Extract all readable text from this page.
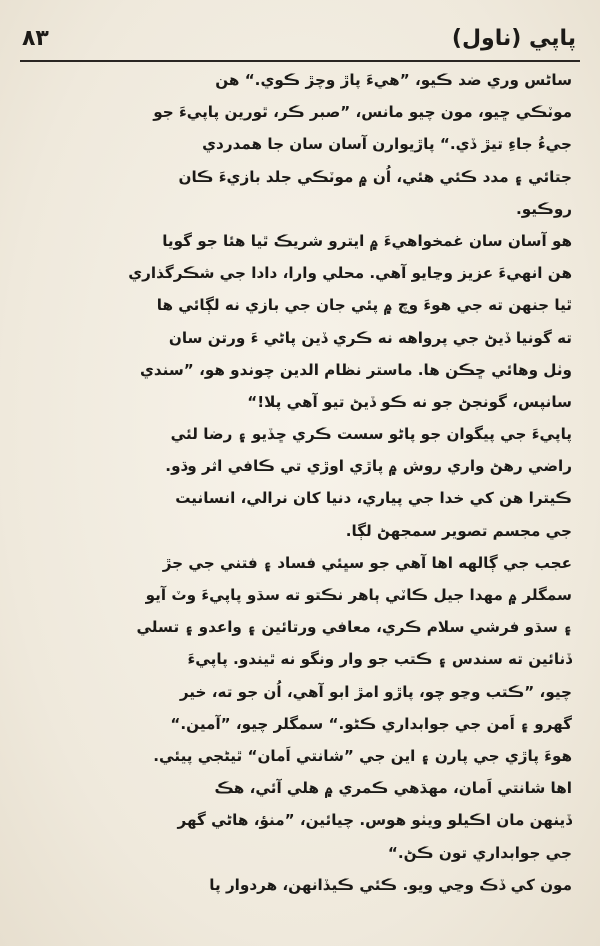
٨٣	پاپي (ناول)
ساڻس وري ضد ڪيو، ”هيءَ پاڙ وچڙ ڪوي.“ هن
موٽڪي ڇيو، مون چيو مانس، ”صبر ڪر، ٿورين پاپيءَ جو
جيءُ جاءِ تيڙ ڏي.“ پاڙيوارن آسان سان جا همدردي
جتائي ۽ مدد ڪئي هئي، اُن ۾ موٽڪي جلد بازيءَ ڪان
روڪيو.
هو آسان سان غمخواهيءَ ۾ ايترو شريڪ ٿيا هئا جو گويا
هن انهيءَ عزيز وڃايو آهي. محلي وارا، دادا جي شڪرگذاري
ٿيا جنهن ته جي هوءَ وچ ۾ پئي جان جي بازي نه لڳائي ها
ته گونيا ڏيڻ جي پرواهه نه ڪري ڏين پاڻي ءَ ورتن سان
وٺل وهائي ڇڪن ها. ماستر نظام الدين چوندو هو، ”سندي
سانپس، گونجڻ جو نه ڪو ڏيڻ تيو آهي پلا!“
پاپيءَ جي پيگوان جو پاڻو سست ڪري ڇڏيو ۽ رضا لئي
راضي رهڻ واري روش ۾ پاڙي اوڙي تي ڪافي اثر وڌو.
ڪيترا هن کي خدا جي پياري، دنيا کان نرالي، انسانيت
جي مجسم تصوير سمجهڻ لڳا.
عجب جي ڳالهه اها آهي جو سڀئي فساد ۽ فتني جي جڙ
سمگلر ۾ مهدا جيل ڪاٽي ٻاهر نڪتو ته سڌو پاپيءَ وٽ آيو
۽ سڌو فرشي سلام ڪري، معافي ورتائين ۽ واعدو ۽ تسلي
ڏنائين ته سندس ۽ ڪتب جو وار ونگو نه ٿيندو. پاپيءَ
چيو، ”ڪتب وڃو چو، پاڙو امڙ ابو آهي، اُن جو ته، خير
گهرو ۽ اَمن جي جوابداري ڪڻو.“ سمگلر چيو، ”آمين.“
هوءَ پاڙي جي پارن ۽ اين جي ”شانتي اَمان“ ٿيڻجي پيئي.
اها شانتي اَمان، مهڌهي ڪمري ۾ هلي آئي، هڪ
ڏينهن مان اڪيلو ويٺو هوس. چيائين، ”منؤ، هاڻي گهر
جي جوابداري تون ڪڻ.“
مون کي ڏڪ وڃي ويو. ڪئي ڪيڏانهن، هردوار پا
